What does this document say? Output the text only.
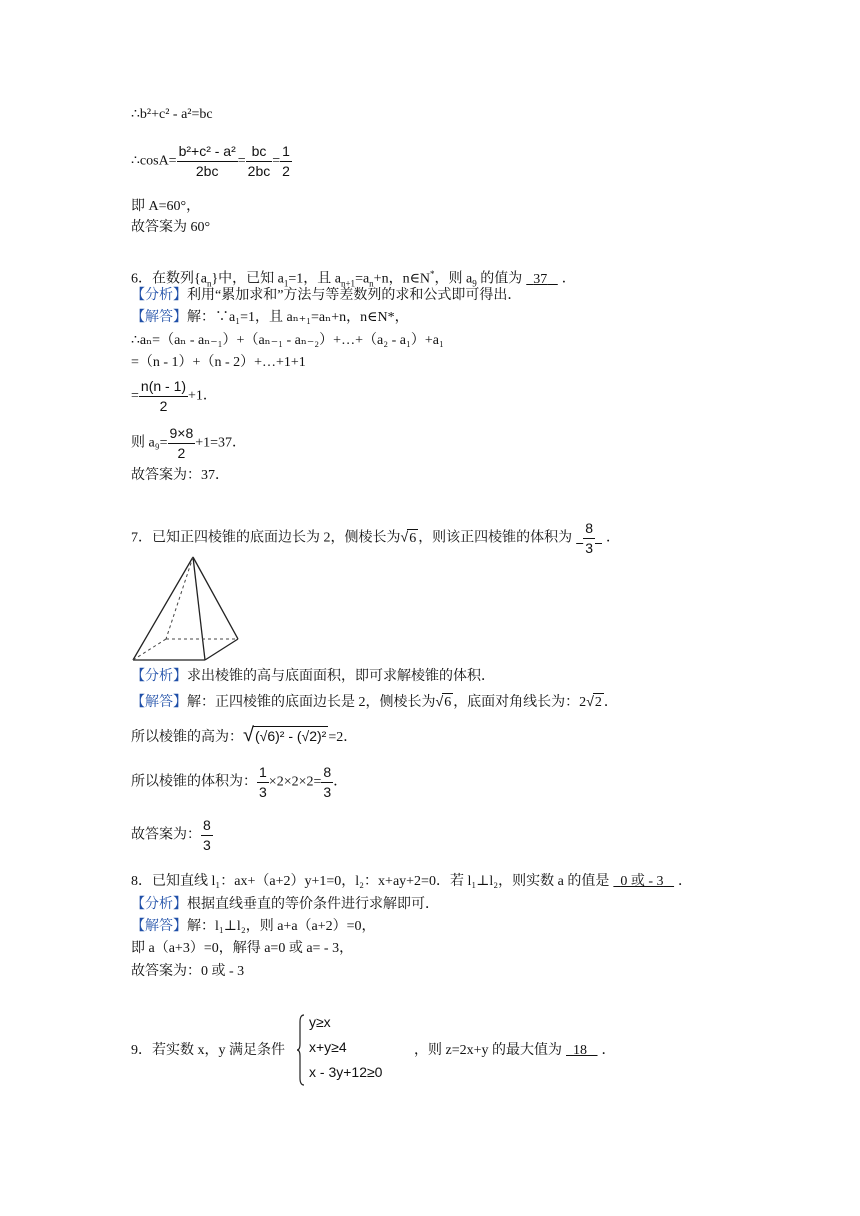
∴b²+c² - a²=bc
∴cosA= $\frac{\text{b²+c² - a²}}{2bc} = \frac{bc}{2bc} = \frac{1}{2}$
即 A=60°，
故答案为 60°
6．在数列$\{a_n\}$中，已知 $a_1=1$，且 $a_{n+1}=a_n+n$，n∈N*，则 $a_9$ 的值为 37 ．
【分析】利用“累加求和”方法与等差数列的求和公式即可得出．
【解答】解：∵a₁=1，且 aₙ₊₁=aₙ+n，n∈N*，
∴aₙ=（aₙ - aₙ₋₁）+（aₙ₋₁ - aₙ₋₂）+…+（a₂ - a₁）+a₁
=（n - 1）+（n - 2）+…+1+1
= $\frac{n(n - 1)}{2} +1$．
则 $a_9= \frac{9\times 8}{2} +1=37$．
故答案为：37．
7．已知正四棱锥的底面边长为 2，侧棱长为√6 ，则该正四棱锥的体积为 $\frac{8}{3}$ ．
【分析】求出棱锥的高与底面面积，即可求解棱锥的体积．
【解答】解：正四棱锥的底面边长是 2，侧棱长为√6 ，底面对角线长为：2√2 ．
所以棱锥的高为：√(√6)² - (√2)² =2．
所以棱锥的体积为： $\frac{1}{3} \times 2\times 2\times 2= \frac{8}{3}$ ．
故答案为： $\frac{8}{3}$
8．已知直线 l₁：ax+（a+2）y+1=0，l₂：x+ay+2=0．若 l₁⊥l₂，则实数 a 的值是 0 或 - 3 ．
【分析】根据直线垂直的等价条件进行求解即可．
【解答】解：l₁⊥l₂，则 a+a（a+2）=0，
即 a（a+3）=0，解得 a=0 或 a= - 3，
故答案为：0 或 - 3
9．若实数 x，y 满足条件
y≥x
x+y≥4
x - 3y+12≥0
，则 z=2x+y 的最大值为 18 ．
